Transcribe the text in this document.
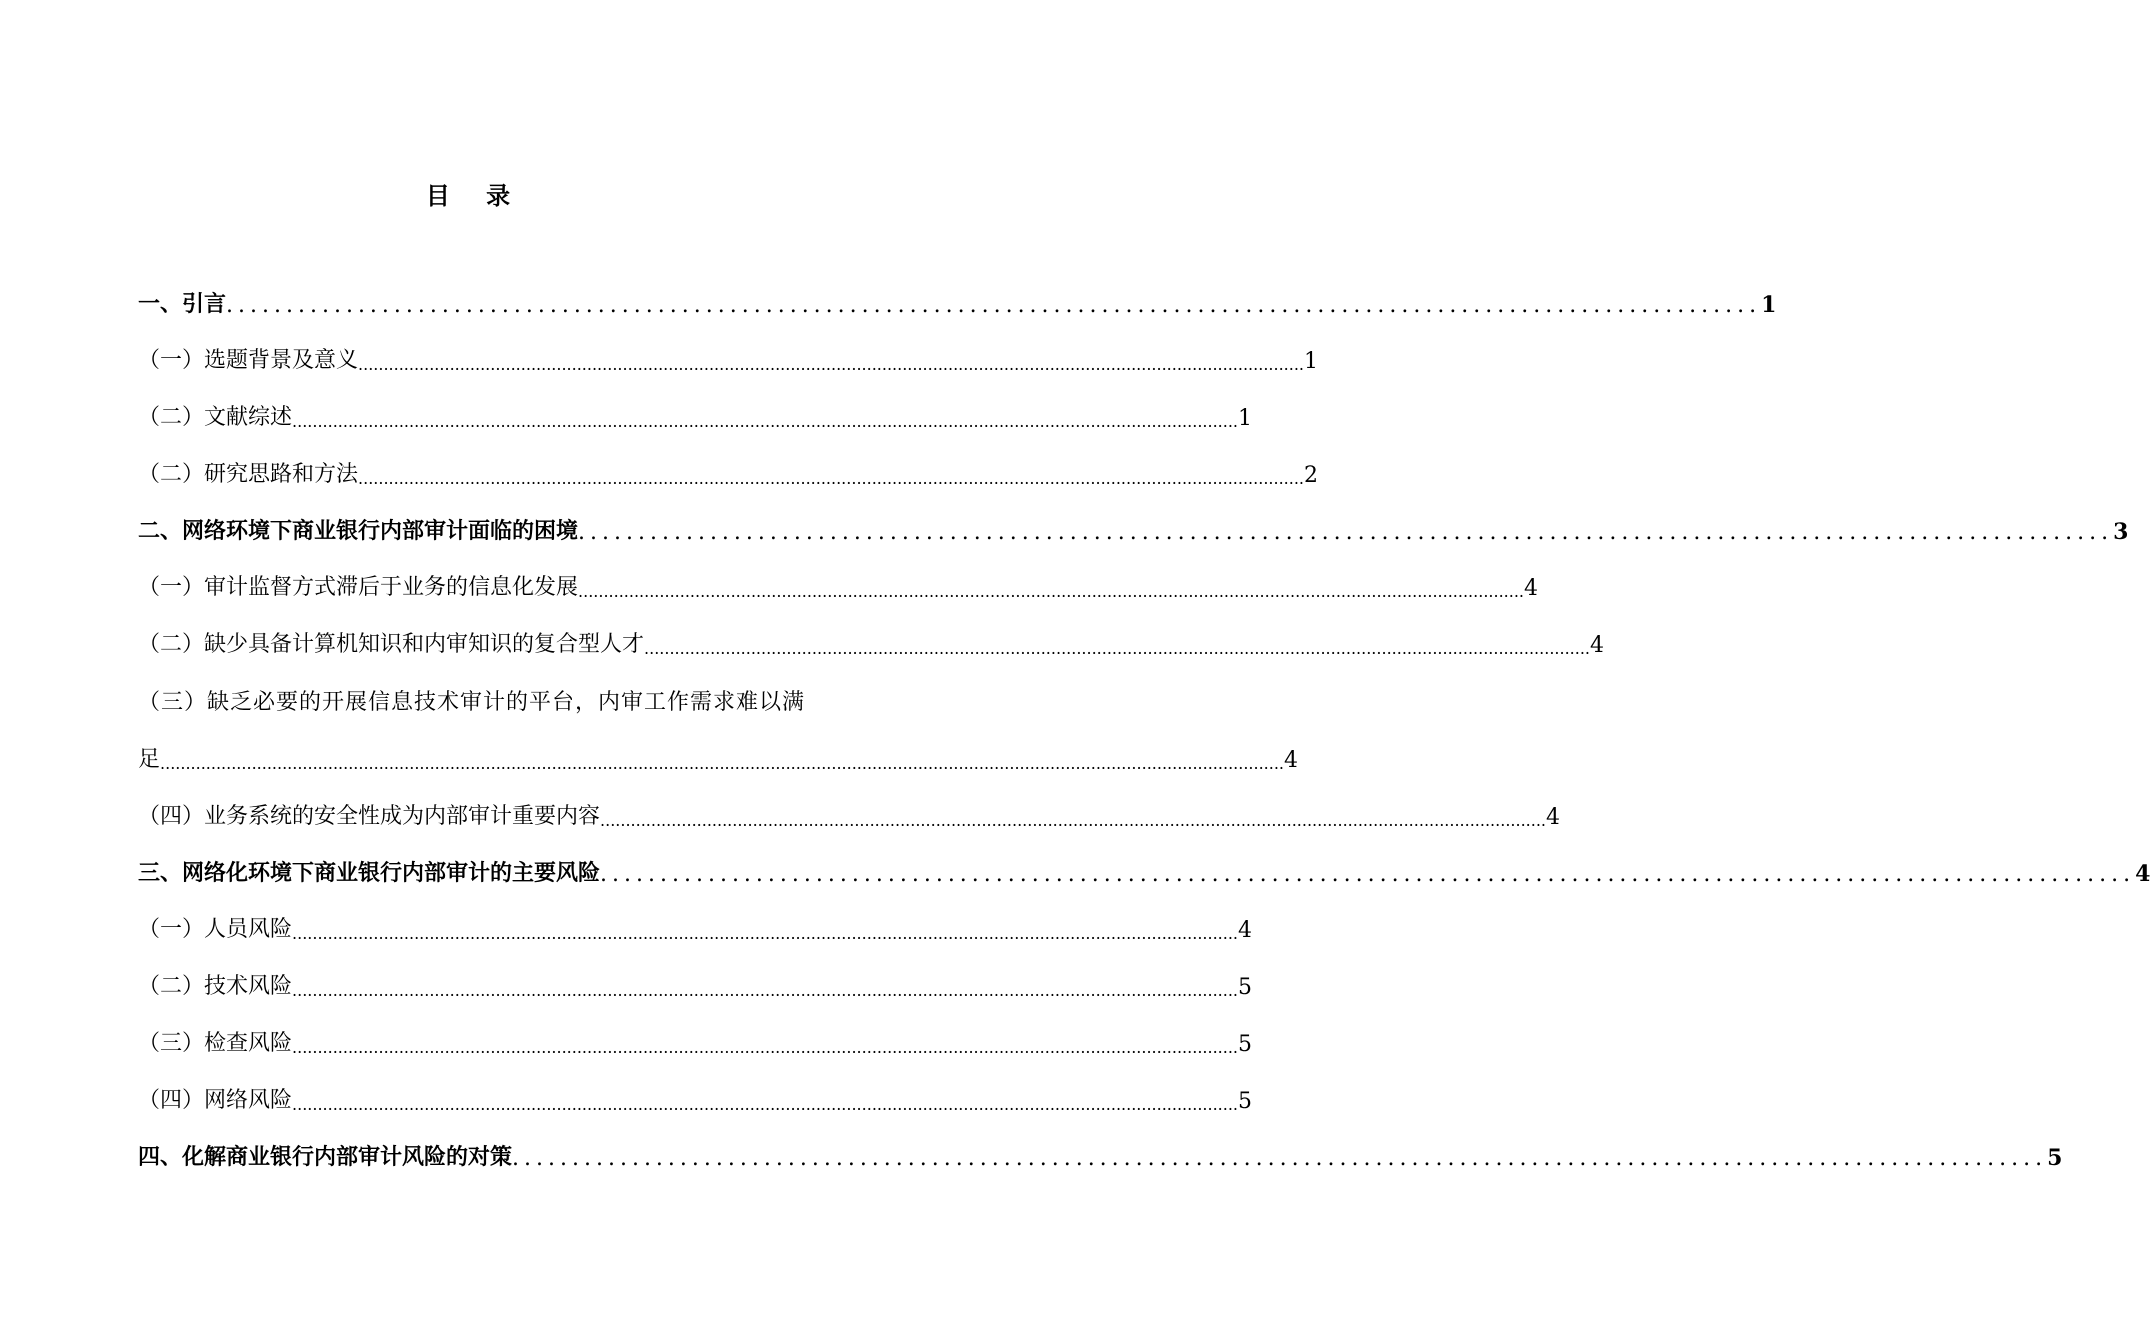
目 录
一、引言 ................................................................................................................................ 1
（一）选题背景及意义 .......................................................................................................................................................................................... 1
（二）文献综述 .......................................................................................................................................................................................... 1
（二）研究思路和方法 .......................................................................................................................................................................................... 2
二、网络环境下商业银行内部审计面临的困境 ................................................................................................................................ 3
（一）审计监督方式滞后于业务的信息化发展 .......................................................................................................................................................................................... 4
（二）缺少具备计算机知识和内审知识的复合型人才 .......................................................................................................................................................................................... 4
（三）缺乏必要的开展信息技术审计的平台，内审工作需求难以满
足 ............................................................................................................................................................................................................................. 4
（四）业务系统的安全性成为内部审计重要内容 .......................................................................................................................................................................................... 4
三、网络化环境下商业银行内部审计的主要风险 ................................................................................................................................ 4
（一）人员风险 .......................................................................................................................................................................................... 4
（二）技术风险 .......................................................................................................................................................................................... 5
（三）检查风险 .......................................................................................................................................................................................... 5
（四）网络风险 .......................................................................................................................................................................................... 5
四、化解商业银行内部审计风险的对策 ................................................................................................................................ 5
